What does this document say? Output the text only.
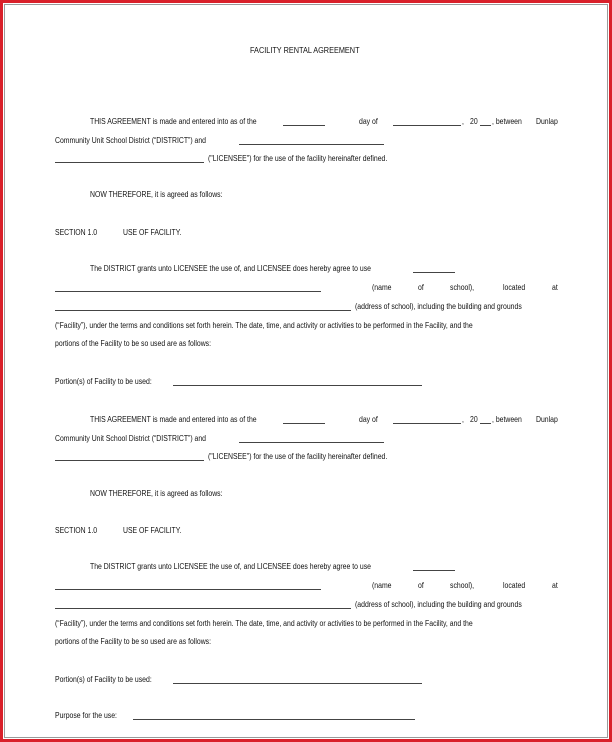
FACILITY RENTAL AGREEMENT
THIS AGREEMENT is made and entered into as of the	day of	, 20 , between Dunlap
Community Unit School District (“DISTRICT”) and
("LICENSEE") for the use of the facility hereinafter defined.
NOW THEREFORE, it is agreed as follows:
SECTION 1.0	USE OF FACILITY.
The DISTRICT grants unto LICENSEE the use of, and LICENSEE does hereby agree to use
(name	of	school),	located	at
(address of school), including the building and grounds
(“Facility”), under the terms and conditions set forth herein. The date, time, and activity or activities to be performed in the Facility, and the
portions of the Facility to be so used are as follows:
Portion(s) of Facility to be used:
THIS AGREEMENT is made and entered into as of the	day of	, 20 , between Dunlap
Community Unit School District (“DISTRICT”) and
("LICENSEE") for the use of the facility hereinafter defined.
NOW THEREFORE, it is agreed as follows:
SECTION 1.0	USE OF FACILITY.
The DISTRICT grants unto LICENSEE the use of, and LICENSEE does hereby agree to use
(name	of	school),	located	at
(address of school), including the building and grounds
(“Facility”), under the terms and conditions set forth herein. The date, time, and activity or activities to be performed in the Facility, and the
portions of the Facility to be so used are as follows:
Portion(s) of Facility to be used:
Purpose for the use:
